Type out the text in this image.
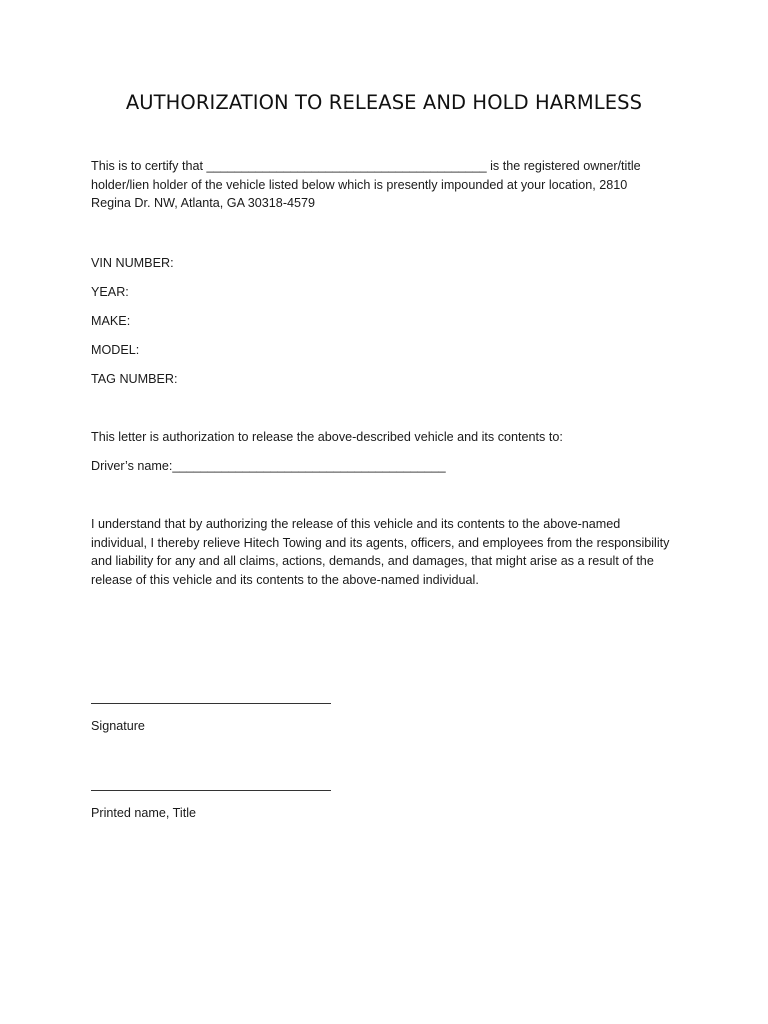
AUTHORIZATION TO RELEASE AND HOLD HARMLESS
This is to certify that ________________________________________ is the registered owner/title
holder/lien holder of the vehicle listed below which is presently impounded at your location, 2810
Regina Dr. NW, Atlanta, GA 30318-4579

VIN NUMBER:

YEAR:

MAKE:

MODEL:

TAG NUMBER:

This letter is authorization to release the above-described vehicle and its contents to:

Driver’s name:_______________________________________

I understand that by authorizing the release of this vehicle and its contents to the above-named
individual, I thereby relieve Hitech Towing and its agents, officers, and employees from the responsibility
and liability for any and all claims, actions, demands, and damages, that might arise as a result of the
release of this vehicle and its contents to the above-named individual.

Signature

Printed name, Title
